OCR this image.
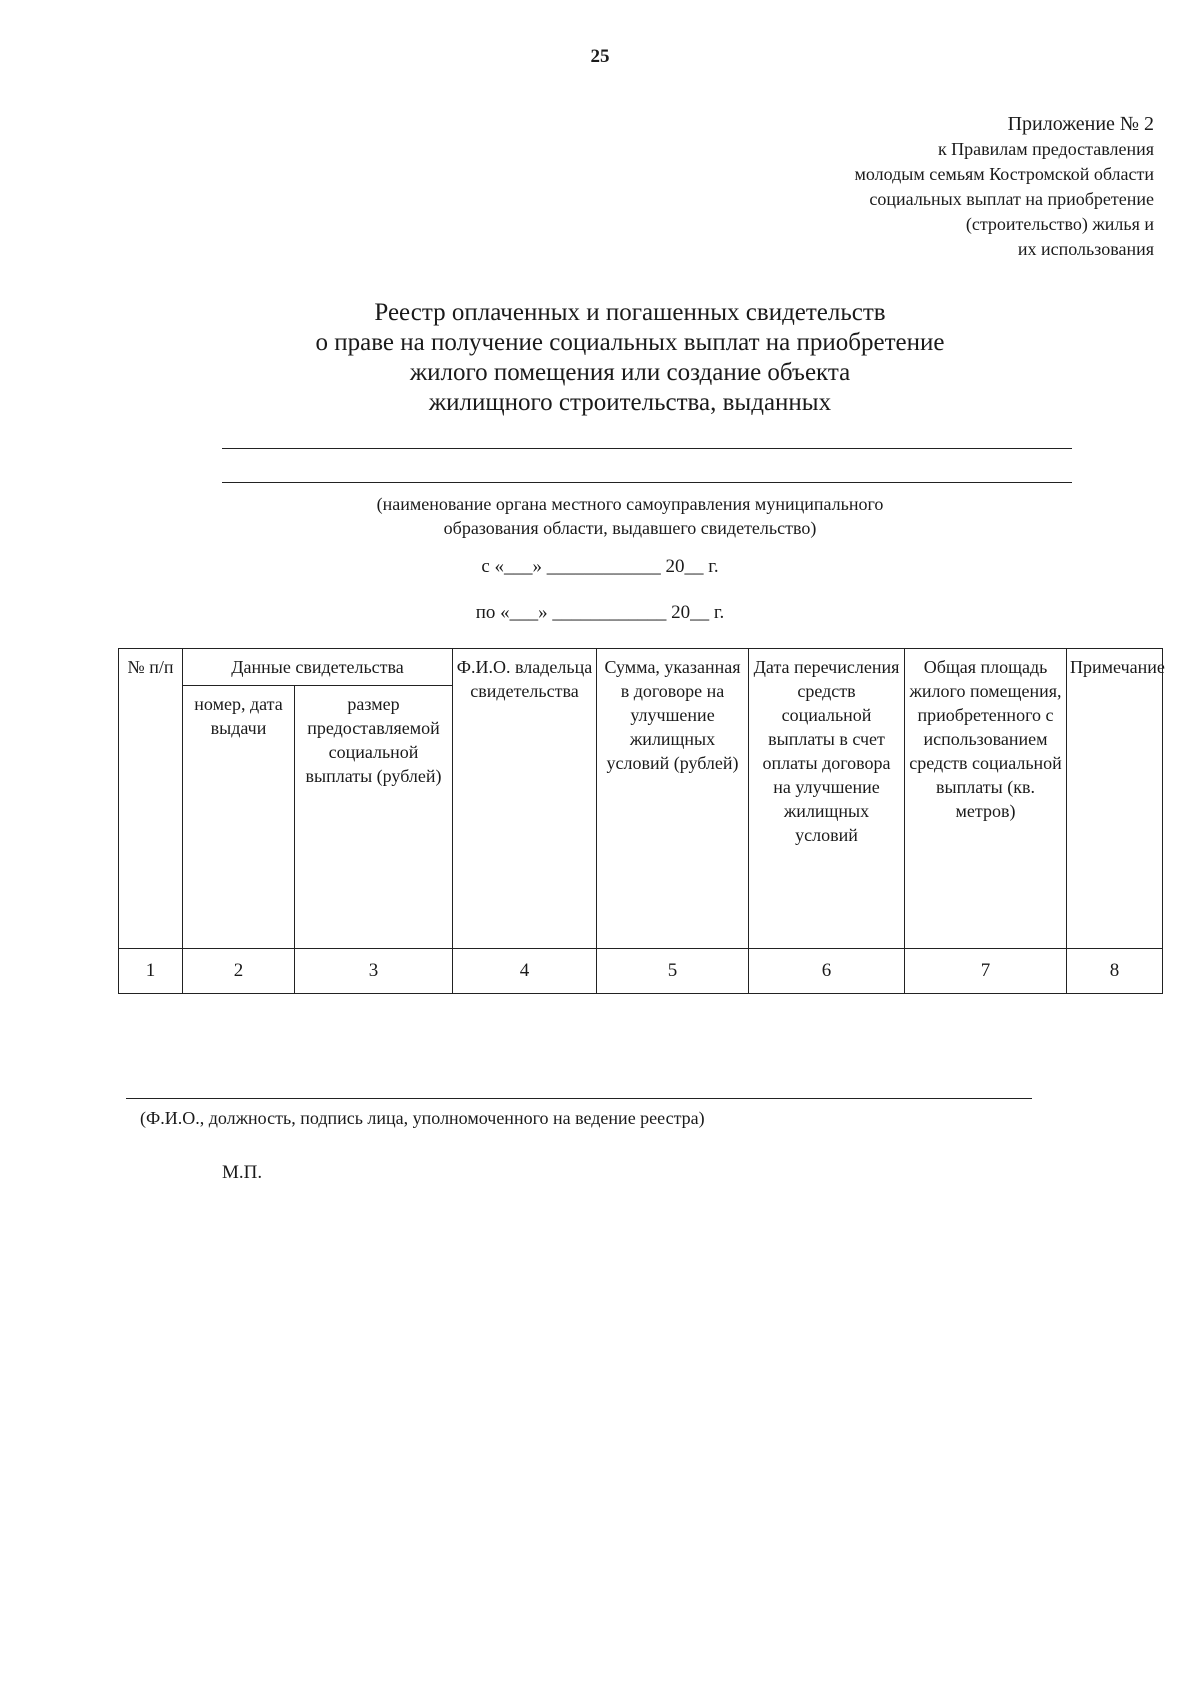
25
Приложение № 2
к Правилам предоставления
молодым семьям Костромской области
социальных выплат на приобретение
(строительство) жилья и
их использования
Реестр оплаченных и погашенных свидетельств
о праве на получение социальных выплат на приобретение
жилого помещения или создание объекта
жилищного строительства, выданных
(наименование органа местного самоуправления муниципального
образования области, выдавшего свидетельство)
с «___» ____________ 20__ г.
по «___» ____________ 20__ г.
№ п/п	Данные свидетельства		Ф.И.О. владельца свидетельства	Сумма, указанная в договоре на улучшение жилищных условий (рублей)	Дата перечисления средств социальной выплаты в счет оплаты договора на улучшение жилищных условий	Общая площадь жилого помещения, приобретенного с использованием средств социальной выплаты (кв. метров)	Примечание
	номер, дата выдачи	размер предоставляемой социальной выплаты (рублей)					
1	2	3	4	5	6	7	8
(Ф.И.О., должность, подпись лица, уполномоченного на ведение реестра)
М.П.
